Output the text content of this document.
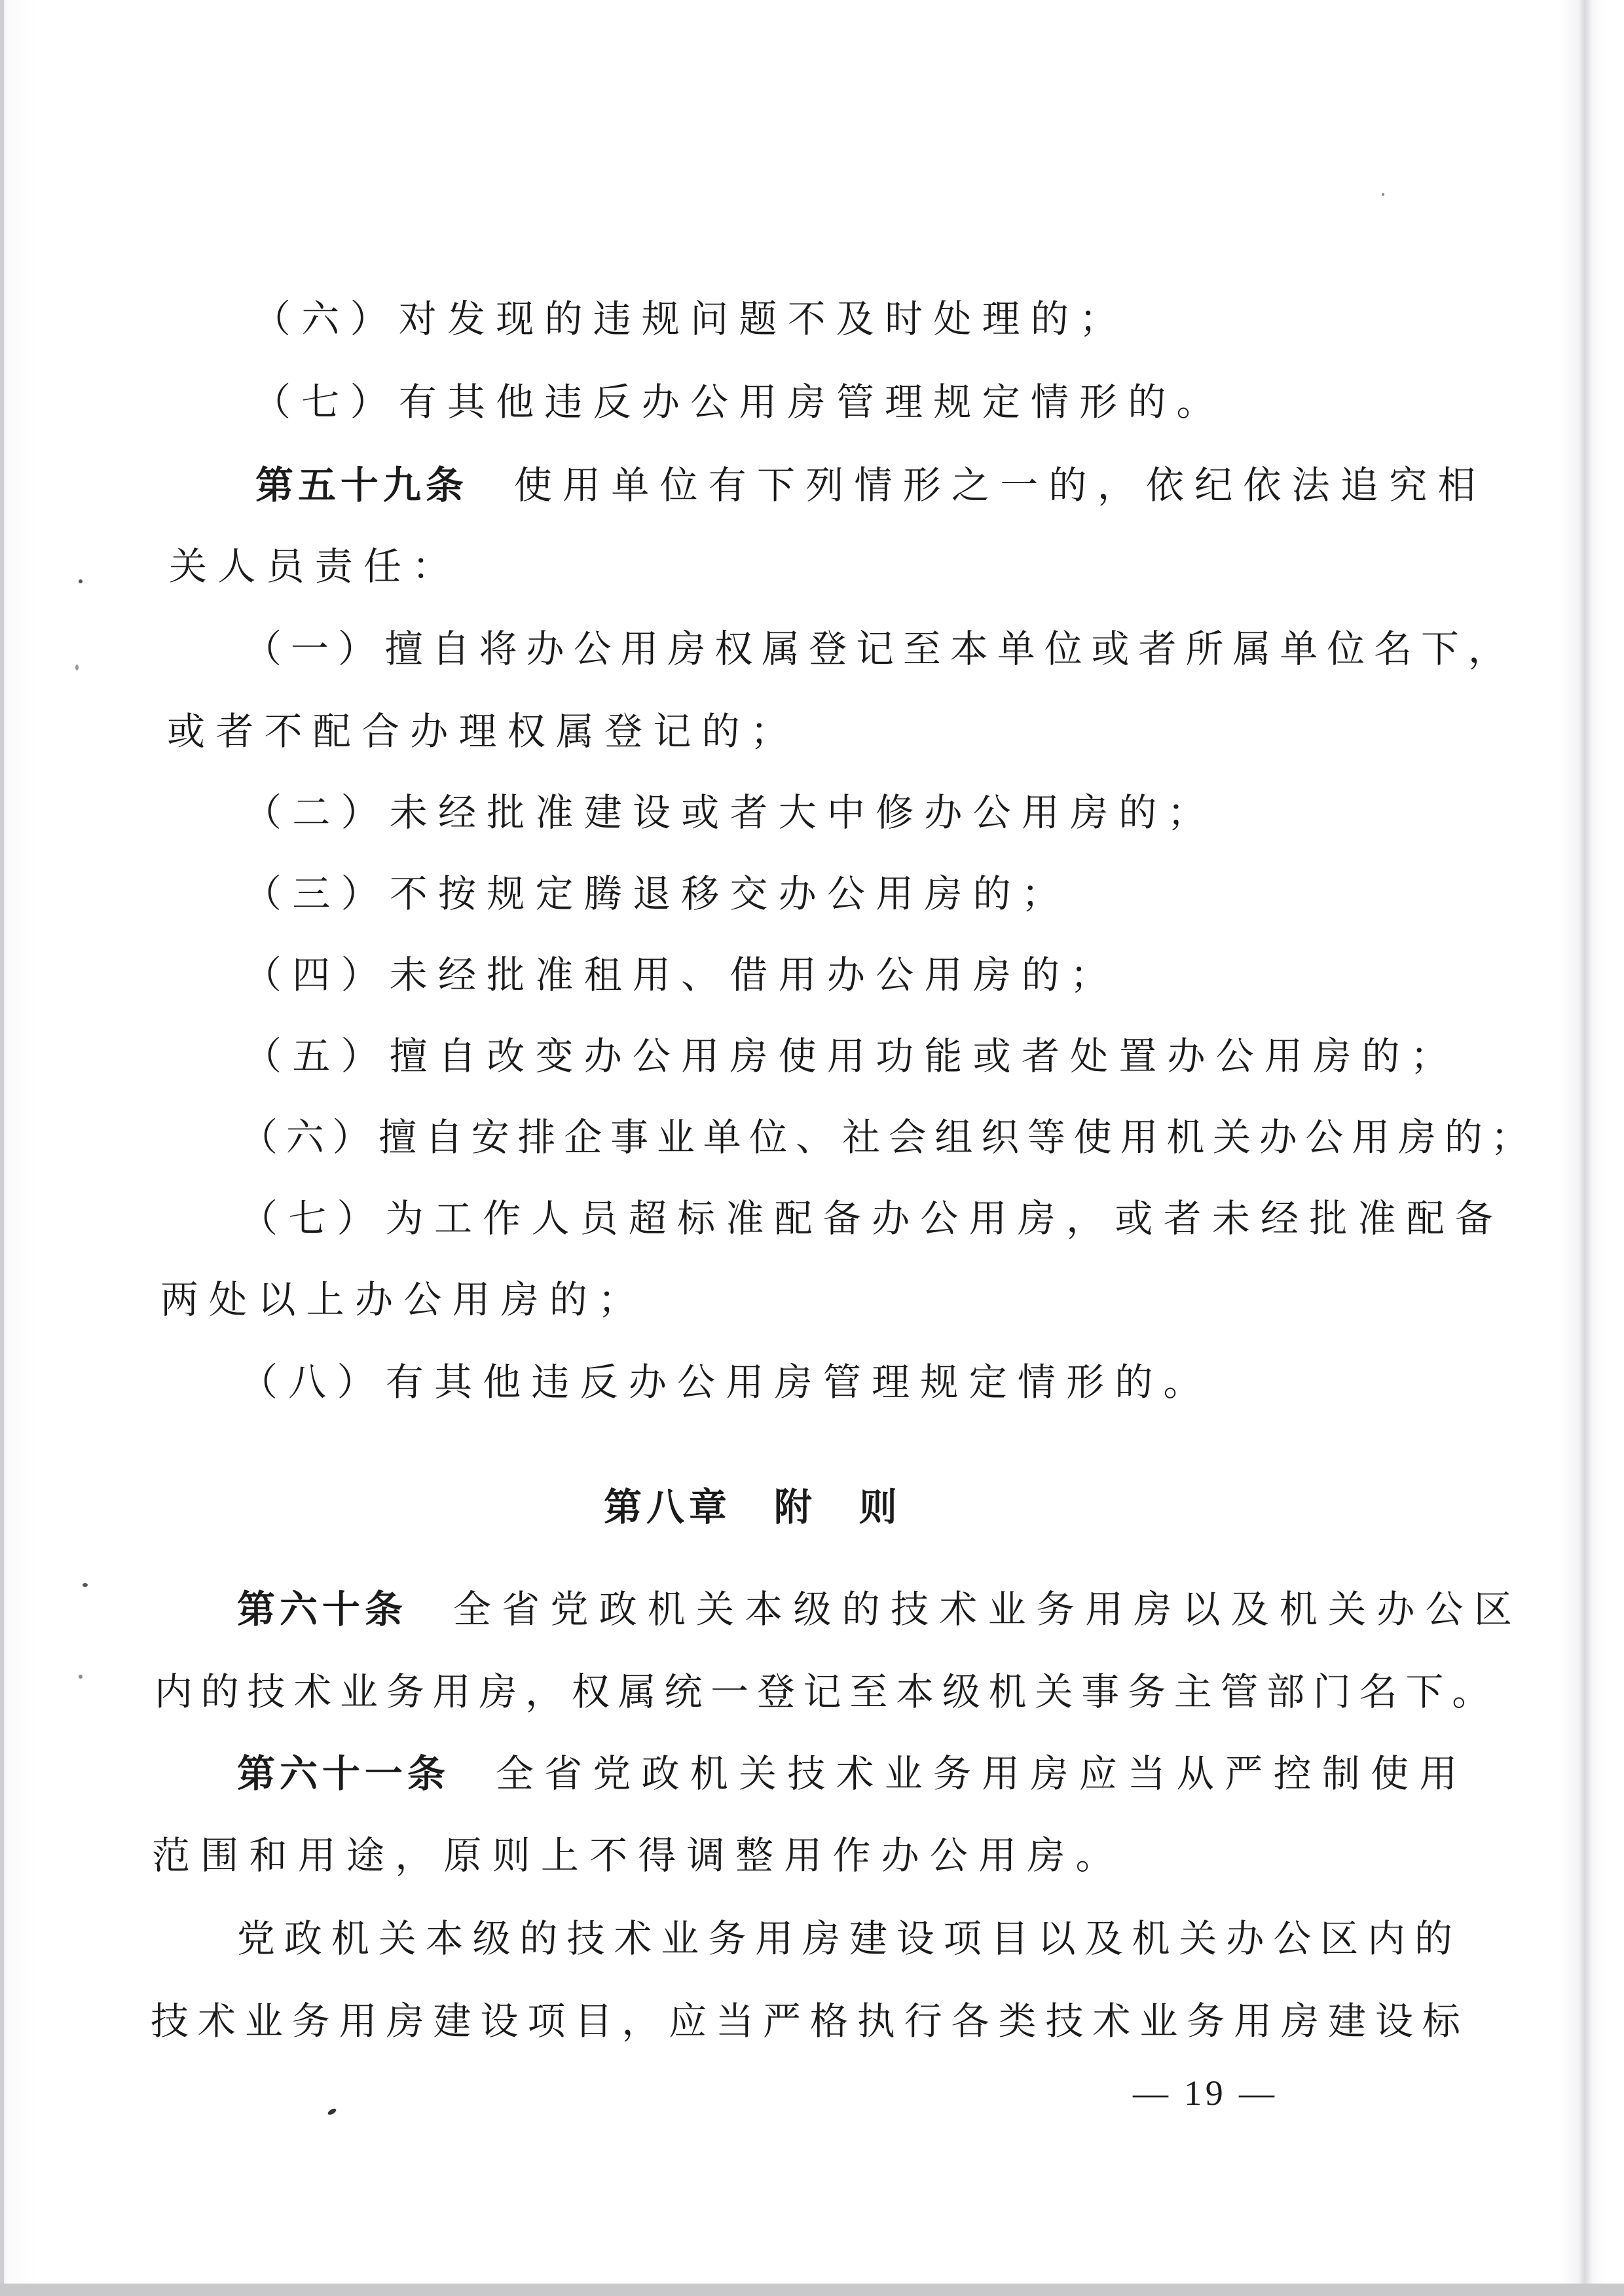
（六）对发现的违规问题不及时处理的；
（七）有其他违反办公用房管理规定情形的。
第五十九条 使用单位有下列情形之一的，依纪依法追究相
关人员责任：
（一）擅自将办公用房权属登记至本单位或者所属单位名下，
或者不配合办理权属登记的；
（二）未经批准建设或者大中修办公用房的；
（三）不按规定腾退移交办公用房的；
（四）未经批准租用、借用办公用房的；
（五）擅自改变办公用房使用功能或者处置办公用房的；
（六）擅自安排企事业单位、社会组织等使用机关办公用房的；
（七）为工作人员超标准配备办公用房，或者未经批准配备
两处以上办公用房的；
（八）有其他违反办公用房管理规定情形的。
第八章　附　则
第六十条 全省党政机关本级的技术业务用房以及机关办公区
内的技术业务用房，权属统一登记至本级机关事务主管部门名下。
第六十一条 全省党政机关技术业务用房应当从严控制使用
范围和用途，原则上不得调整用作办公用房。
党政机关本级的技术业务用房建设项目以及机关办公区内的
技术业务用房建设项目，应当严格执行各类技术业务用房建设标
— 19 —
